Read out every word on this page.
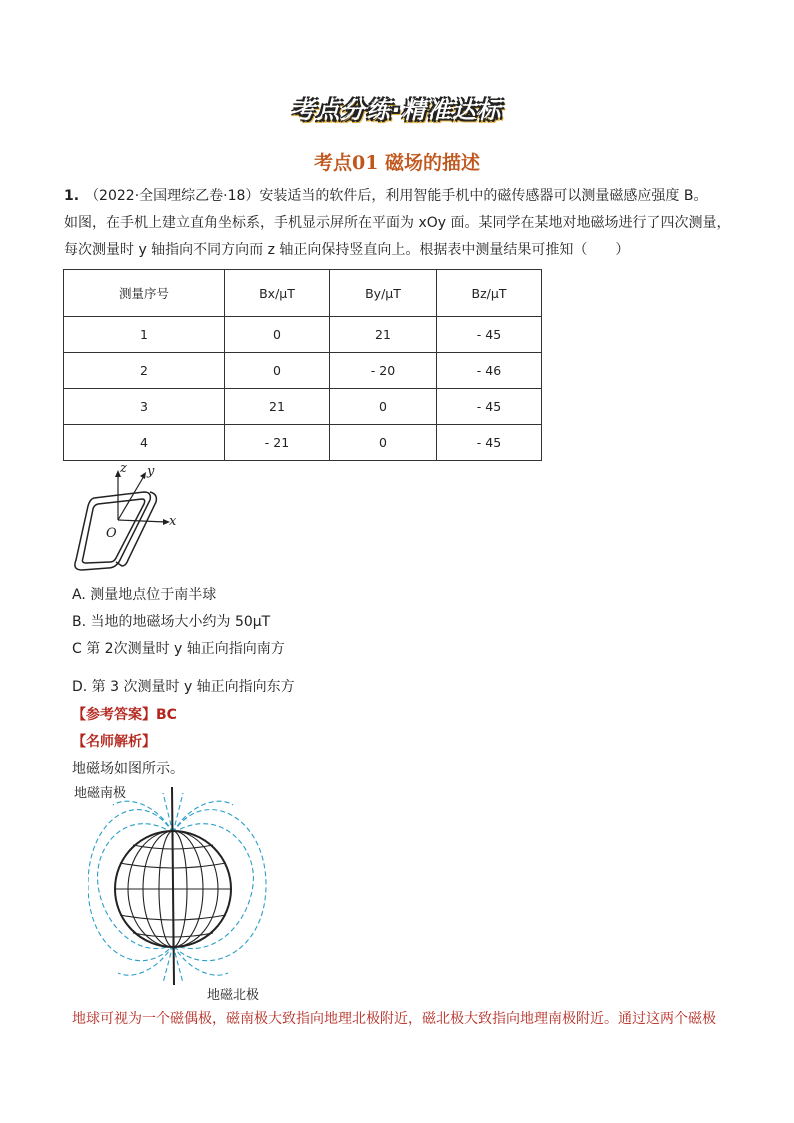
考点分练·精准达标
考点01 磁场的描述
1. （2022·全国理综乙卷·18）安装适当的软件后，利用智能手机中的磁传感器可以测量磁感应强度 B。
如图，在手机上建立直角坐标系，手机显示屏所在平面为 xOy 面。某同学在某地对地磁场进行了四次测量，
每次测量时 y 轴指向不同方向而 z 轴正向保持竖直向上。根据表中测量结果可推知（　　）
测量序号	Bx/μT	By/μT	Bz/μT
1	0	21	- 45
2	0	- 20	- 46
3	21	0	- 45
4	- 21	0	- 45
z y
x
O
A. 测量地点位于南半球
B. 当地的地磁场大小约为 50μT
C 第 2次测量时 y 轴正向指向南方
D. 第 3 次测量时 y 轴正向指向东方
【参考答案】BC
【名师解析】
地磁场如图所示。
地磁南极
地磁北极
地球可视为一个磁偶极，磁南极大致指向地理北极附近，磁北极大致指向地理南极附近。通过这两个磁极
